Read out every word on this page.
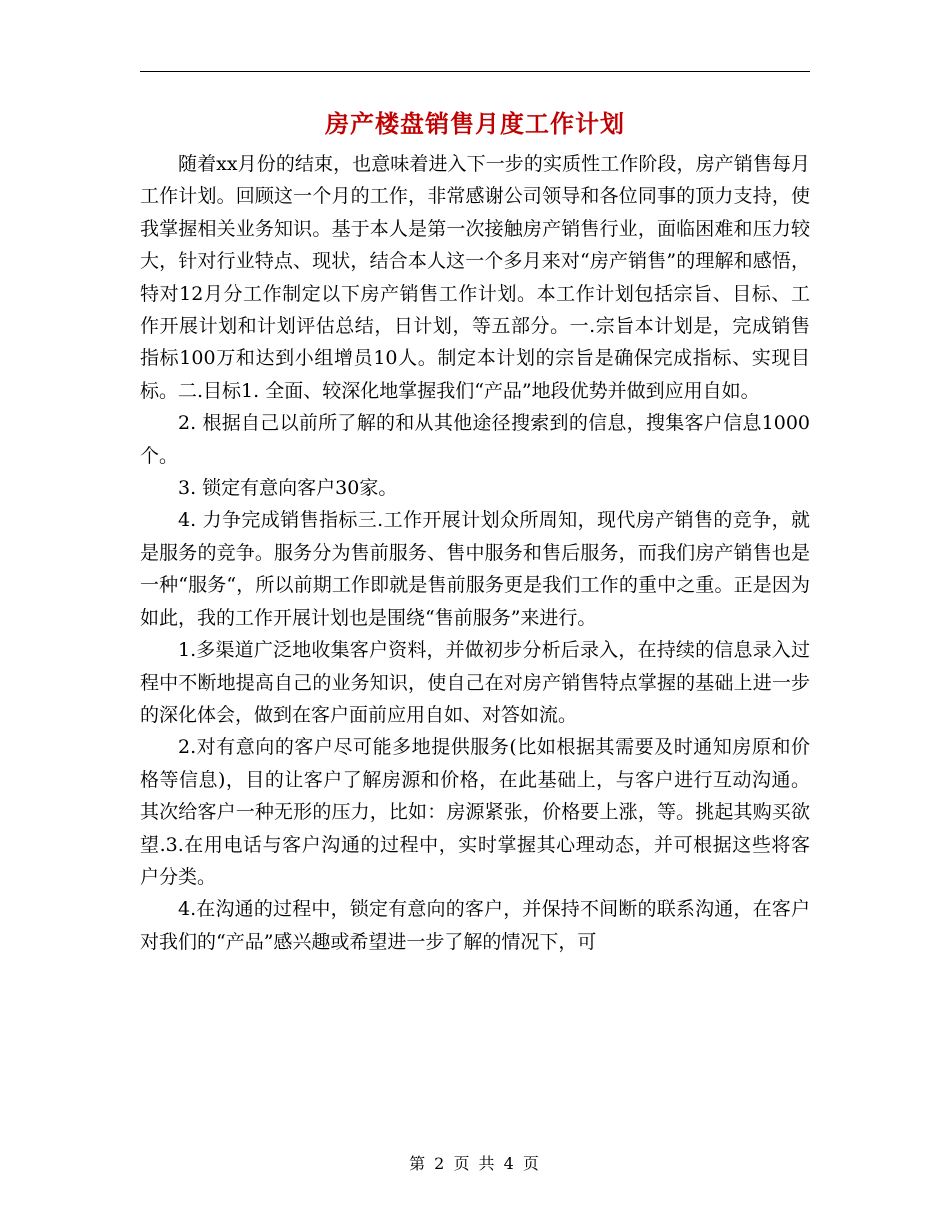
房产楼盘销售月度工作计划

随着xx月份的结束，也意味着进入下一步的实质性工作阶段，房产销售每月工作计划。回顾这一个月的工作，非常感谢公司领导和各位同事的顶力支持，使我掌握相关业务知识。基于本人是第一次接触房产销售行业，面临困难和压力较大，针对行业特点、现状，结合本人这一个多月来对“房产销售”的理解和感悟，特对12月分工作制定以下房产销售工作计划。本工作计划包括宗旨、目标、工作开展计划和计划评估总结，日计划，等五部分。一.宗旨本计划是，完成销售指标100万和达到小组增员10人。制定本计划的宗旨是确保完成指标、实现目标。二.目标1. 全面、较深化地掌握我们“产品”地段优势并做到应用自如。

2. 根据自己以前所了解的和从其他途径搜索到的信息，搜集客户信息1000个。

3. 锁定有意向客户30家。

4. 力争完成销售指标三.工作开展计划众所周知，现代房产销售的竞争，就是服务的竞争。服务分为售前服务、售中服务和售后服务，而我们房产销售也是一种“服务“，所以前期工作即就是售前服务更是我们工作的重中之重。正是因为如此，我的工作开展计划也是围绕“售前服务”来进行。

1.多渠道广泛地收集客户资料，并做初步分析后录入，在持续的信息录入过程中不断地提高自己的业务知识，使自己在对房产销售特点掌握的基础上进一步的深化体会，做到在客户面前应用自如、对答如流。

2.对有意向的客户尽可能多地提供服务(比如根据其需要及时通知房原和价格等信息)，目的让客户了解房源和价格，在此基础上，与客户进行互动沟通。其次给客户一种无形的压力，比如：房源紧张，价格要上涨，等。挑起其购买欲望.3.在用电话与客户沟通的过程中，实时掌握其心理动态，并可根据这些将客户分类。

4.在沟通的过程中，锁定有意向的客户，并保持不间断的联系沟通，在客户对我们的“产品”感兴趣或希望进一步了解的情况下，可

第 2 页 共 4 页
